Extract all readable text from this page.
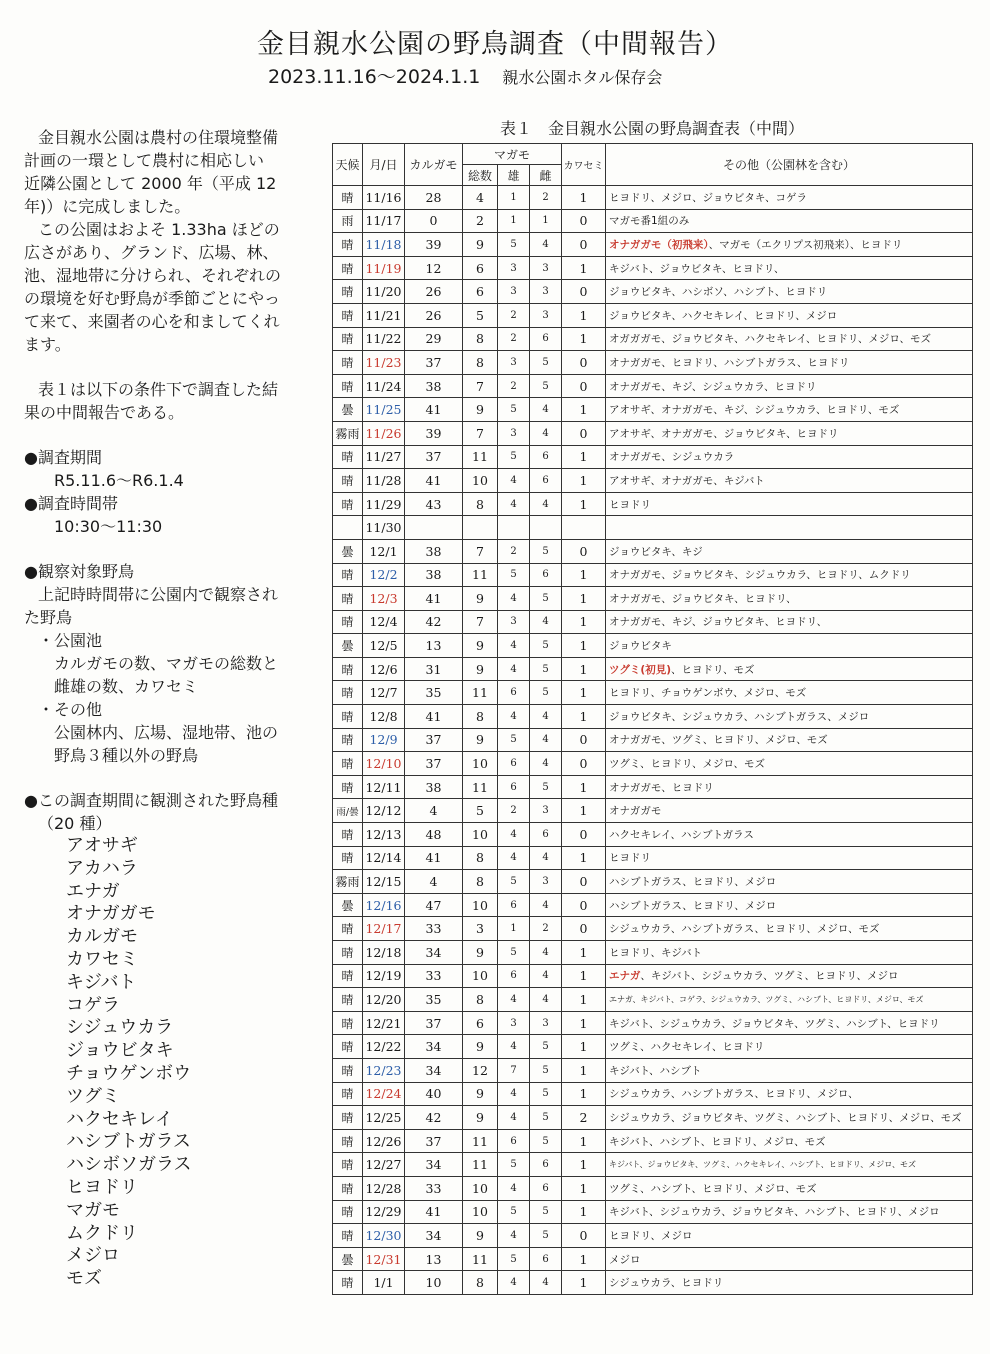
金目親水公園の野鳥調査（中間報告）
2023.11.16～2024.1.1 親水公園ホタル保存会

金目親水公園は農村の住環境整備

計画の一環として農村に相応しい

近隣公園として 2000 年（平成 12

年)）に完成しました。

この公園はおよそ 1.33ha ほどの

広さがあり、グランド、広場、林、

池、湿地帯に分けられ、それぞれの

の環境を好む野鳥が季節ごとにやっ

て来て、来園者の心を和ましてくれ

ます。

表１は以下の条件下で調査した結

果の中間報告である。

●調査期間

R5.11.6～R6.1.4

●調査時間帯

10:30～11:30

●観察対象野鳥

上記時時間帯に公園内で観察され

た野鳥

・公園池

カルガモの数、マガモの総数と

雌雄の数、カワセミ

・その他

公園林内、広場、湿地帯、池の

野鳥３種以外の野鳥

●この調査期間に観測された野鳥種

（20 種）

アオサギ
アカハラ
エナガ
オナガガモ
カルガモ
カワセミ
キジバト
コゲラ
シジュウカラ
ジョウビタキ
チョウゲンボウ
ツグミ
ハクセキレイ
ハシブトガラス
ハシボソガラス
ヒヨドリ
マガモ
ムクドリ
メジロ
モズ
表１　金目親水公園の野鳥調査表（中間）
天候	月/日	カルガモ	マガモ			カワセミ	その他（公園林を含む）
			総数	雄	雌		
晴	11/16	28	4	1	2	1	ヒヨドリ、メジロ、ジョウビタキ、コゲラ
雨	11/17	0	2	1	1	0	マガモ番1組のみ
晴	11/18	39	9	5	4	0	オナガガモ（初飛来）、マガモ（エクリプス初飛来）、ヒヨドリ
晴	11/19	12	6	3	3	1	キジバト、ジョウビタキ、ヒヨドリ、
晴	11/20	26	6	3	3	0	ジョウビタキ、ハシボソ、ハシブト、ヒヨドリ
晴	11/21	26	5	2	3	1	ジョウビタキ、ハクセキレイ、ヒヨドリ、メジロ
晴	11/22	29	8	2	6	1	オガガガモ、ジョウビタキ、ハクセキレイ、ヒヨドリ、メジロ、モズ
晴	11/23	37	8	3	5	0	オナガガモ、ヒヨドリ、ハシブトガラス、ヒヨドリ
晴	11/24	38	7	2	5	0	オナガガモ、キジ、シジュウカラ、ヒヨドリ
曇	11/25	41	9	5	4	1	アオサギ、オナガガモ、キジ、シジュウカラ、ヒヨドリ、モズ
霧雨	11/26	39	7	3	4	0	アオサギ、オナガガモ、ジョウビタキ、ヒヨドリ
晴	11/27	37	11	5	6	1	オナガガモ、シジュウカラ
晴	11/28	41	10	4	6	1	アオサギ、オナガガモ、キジバト
晴	11/29	43	8	4	4	1	ヒヨドリ
	11/30						
曇	12/1	38	7	2	5	0	ジョウビタキ、キジ
晴	12/2	38	11	5	6	1	オナガガモ、ジョウビタキ、シジュウカラ、ヒヨドリ、ムクドリ
晴	12/3	41	9	4	5	1	オナガガモ、ジョウビタキ、ヒヨドリ、
晴	12/4	42	7	3	4	1	オナガガモ、キジ、ジョウビタキ、ヒヨドリ、
曇	12/5	13	9	4	5	1	ジョウビタキ
晴	12/6	31	9	4	5	1	ツグミ(初見)、ヒヨドリ、モズ
晴	12/7	35	11	6	5	1	ヒヨドリ、チョウゲンボウ、メジロ、モズ
晴	12/8	41	8	4	4	1	ジョウビタキ、シジュウカラ、ハシブトガラス、メジロ
晴	12/9	37	9	5	4	0	オナガガモ、ツグミ、ヒヨドリ、メジロ、モズ
晴	12/10	37	10	6	4	0	ツグミ、ヒヨドリ、メジロ、モズ
晴	12/11	38	11	6	5	1	オナガガモ、ヒヨドリ
雨/曇	12/12	4	5	2	3	1	オナガガモ
晴	12/13	48	10	4	6	0	ハクセキレイ、ハシブトガラス
晴	12/14	41	8	4	4	1	ヒヨドリ
霧雨	12/15	4	8	5	3	0	ハシブトガラス、ヒヨドリ、メジロ
曇	12/16	47	10	6	4	0	ハシブトガラス、ヒヨドリ、メジロ
晴	12/17	33	3	1	2	0	シジュウカラ、ハシブトガラス、ヒヨドリ、メジロ、モズ
晴	12/18	34	9	5	4	1	ヒヨドリ、キジバト
晴	12/19	33	10	6	4	1	エナガ、キジバト、シジュウカラ、ツグミ、ヒヨドリ、メジロ
晴	12/20	35	8	4	4	1	エナガ、キジバト、コゲラ、シジュウカラ、ツグミ、ハシブト、ヒヨドリ、メジロ、モズ
晴	12/21	37	6	3	3	1	キジバト、シジュウカラ、ジョウビタキ、ツグミ、ハシブト、ヒヨドリ
晴	12/22	34	9	4	5	1	ツグミ、ハクセキレイ、ヒヨドリ
晴	12/23	34	12	7	5	1	キジバト、ハシブト
晴	12/24	40	9	4	5	1	シジュウカラ、ハシブトガラス、ヒヨドリ、メジロ、
晴	12/25	42	9	4	5	2	シジュウカラ、ジョウビタキ、ツグミ、ハシブト、ヒヨドリ、メジロ、モズ
晴	12/26	37	11	6	5	1	キジバト、ハシブト、ヒヨドリ、メジロ、モズ
晴	12/27	34	11	5	6	1	キジバト、ジョウビタキ、ツグミ、ハクセキレイ、ハシブト、ヒヨドリ、メジロ、モズ
晴	12/28	33	10	4	6	1	ツグミ、ハシブト、ヒヨドリ、メジロ、モズ
晴	12/29	41	10	5	5	1	キジバト、シジュウカラ、ジョウビタキ、ハシブト、ヒヨドリ、メジロ
晴	12/30	34	9	4	5	0	ヒヨドリ、メジロ
曇	12/31	13	11	5	6	1	メジロ
晴	1/1	10	8	4	4	1	シジュウカラ、ヒヨドリ
